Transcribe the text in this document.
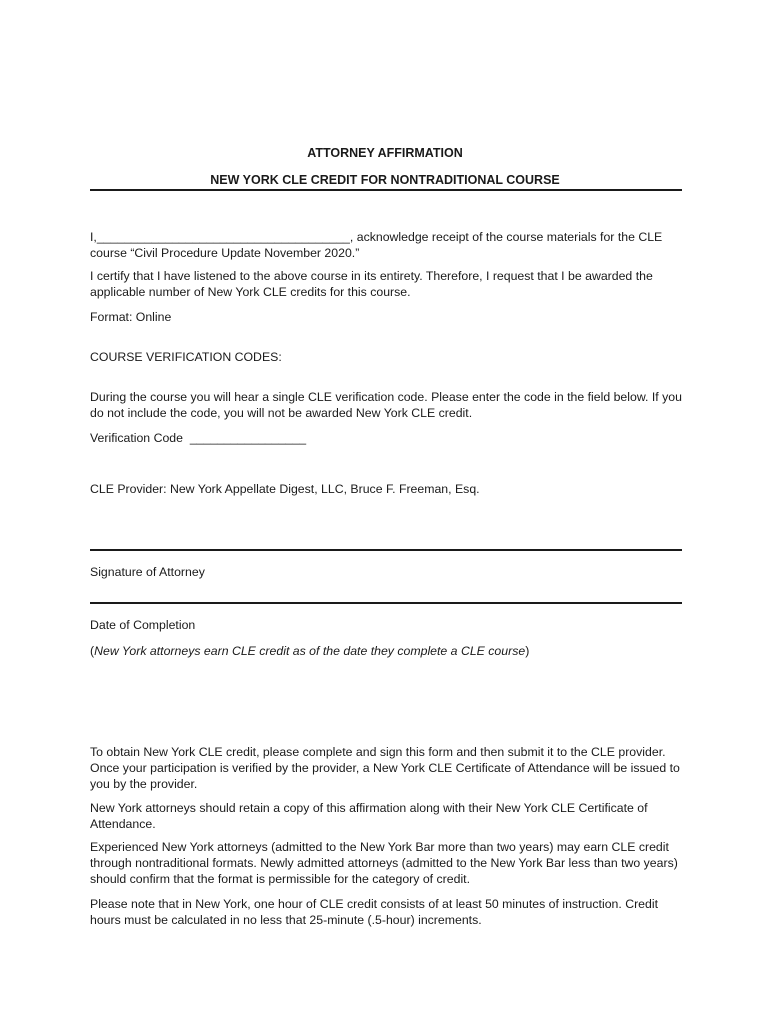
ATTORNEY AFFIRMATION
NEW YORK CLE CREDIT FOR NONTRADITIONAL COURSE

I,_____________________________________, acknowledge receipt of the course materials for the CLE course “Civil Procedure Update November 2020.”

I certify that I have listened to the above course in its entirety. Therefore, I request that I be awarded the applicable number of New York CLE credits for this course.

Format: Online

COURSE VERIFICATION CODES:

During the course you will hear a single CLE verification code. Please enter the code in the field below. If you do not include the code, you will not be awarded New York CLE credit.

Verification Code _________________

CLE Provider: New York Appellate Digest, LLC, Bruce F. Freeman, Esq.

Signature of Attorney

Date of Completion

(New York attorneys earn CLE credit as of the date they complete a CLE course)

To obtain New York CLE credit, please complete and sign this form and then submit it to the CLE provider. Once your participation is verified by the provider, a New York CLE Certificate of Attendance will be issued to you by the provider.

New York attorneys should retain a copy of this affirmation along with their New York CLE Certificate of Attendance.

Experienced New York attorneys (admitted to the New York Bar more than two years) may earn CLE credit through nontraditional formats. Newly admitted attorneys (admitted to the New York Bar less than two years) should confirm that the format is permissible for the category of credit.

Please note that in New York, one hour of CLE credit consists of at least 50 minutes of instruction. Credit hours must be calculated in no less that 25-minute (.5-hour) increments.
